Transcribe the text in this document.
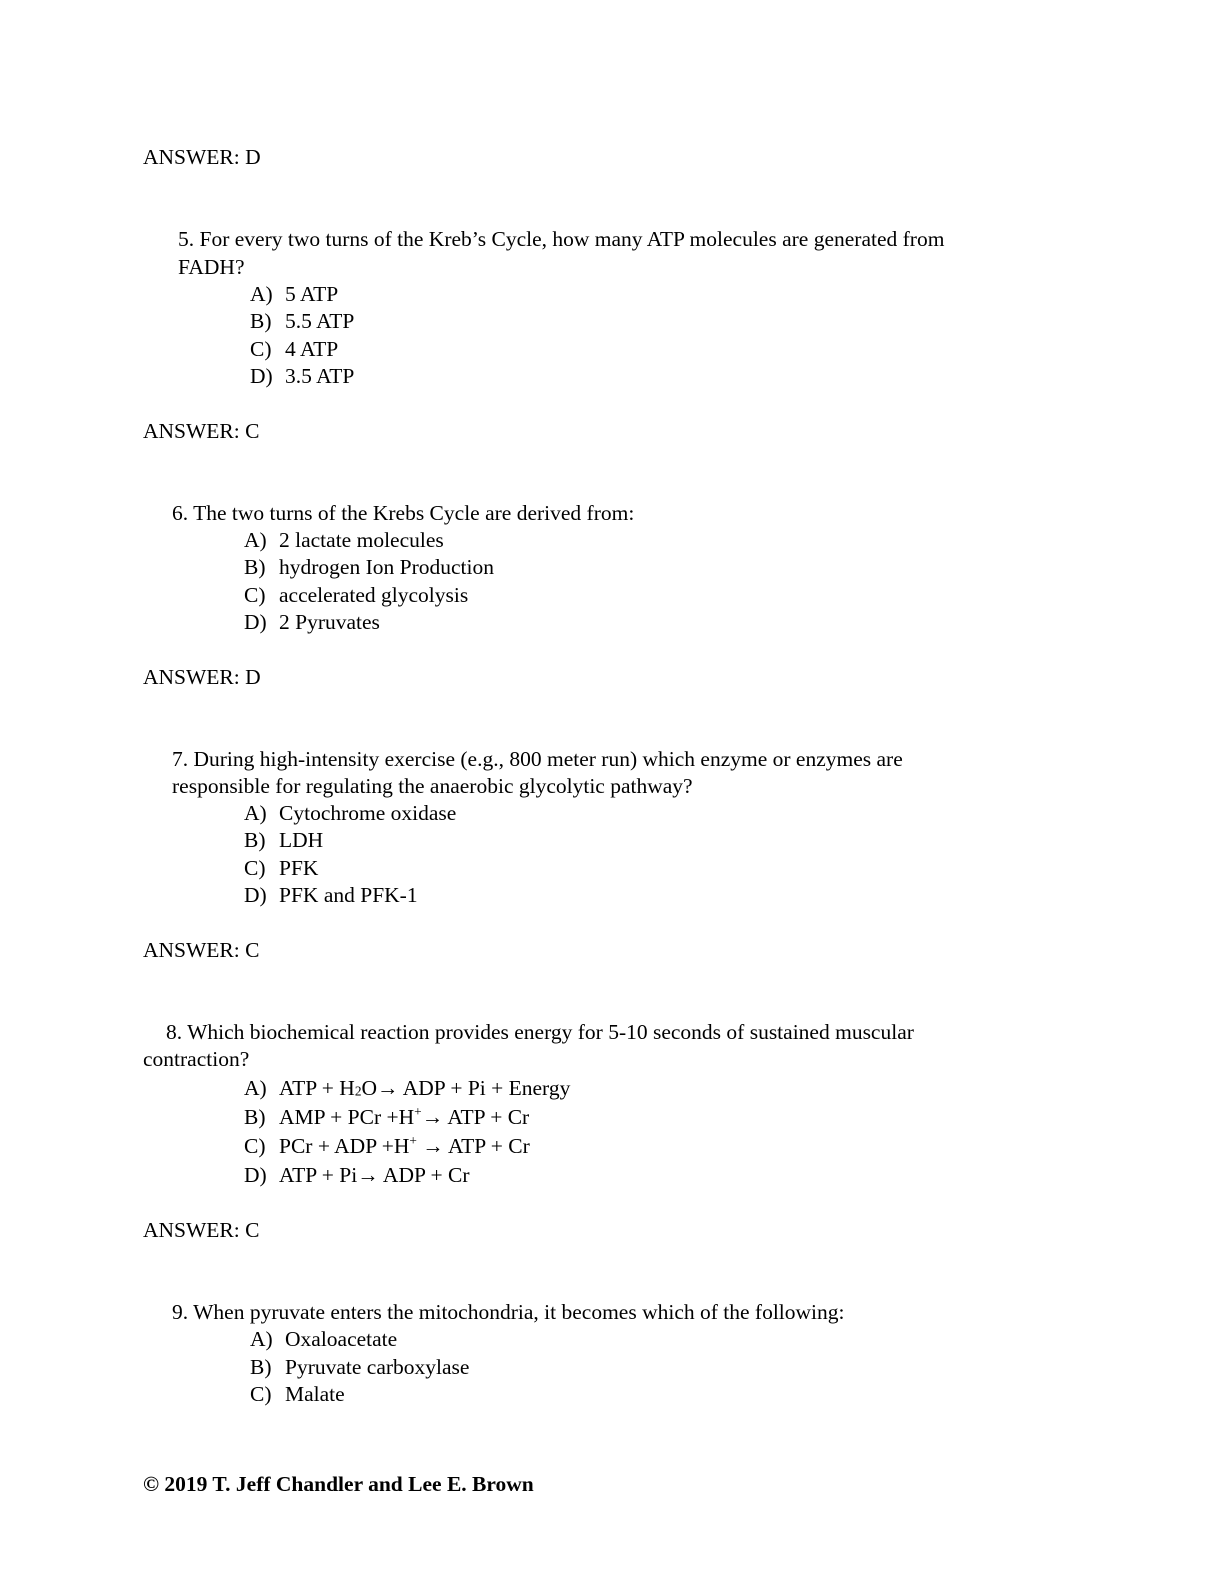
ANSWER: D
5. For every two turns of the Kreb’s Cycle, how many ATP molecules are generated from
FADH?
A) 5 ATP
B) 5.5 ATP
C) 4 ATP
D) 3.5 ATP
ANSWER: C
6. The two turns of the Krebs Cycle are derived from:
A) 2 lactate molecules
B) hydrogen Ion Production
C) accelerated glycolysis
D) 2 Pyruvates
ANSWER: D
7. During high-intensity exercise (e.g., 800 meter run) which enzyme or enzymes are
responsible for regulating the anaerobic glycolytic pathway?
A) Cytochrome oxidase
B) LDH
C) PFK
D) PFK and PFK-1
ANSWER: C
8. Which biochemical reaction provides energy for 5-10 seconds of sustained muscular
contraction?
A) ATP + $H_2O\to$ ADP + Pi + Energy
B) AMP + PCr +H+→ ATP + Cr
C) PCr + ADP +H+ → ATP + Cr
D) ATP + Pi→ ADP + Cr
ANSWER: C
9. When pyruvate enters the mitochondria, it becomes which of the following:
A) Oxaloacetate
B) Pyruvate carboxylase
C) Malate
© 2019 T. Jeff Chandler and Lee E. Brown
